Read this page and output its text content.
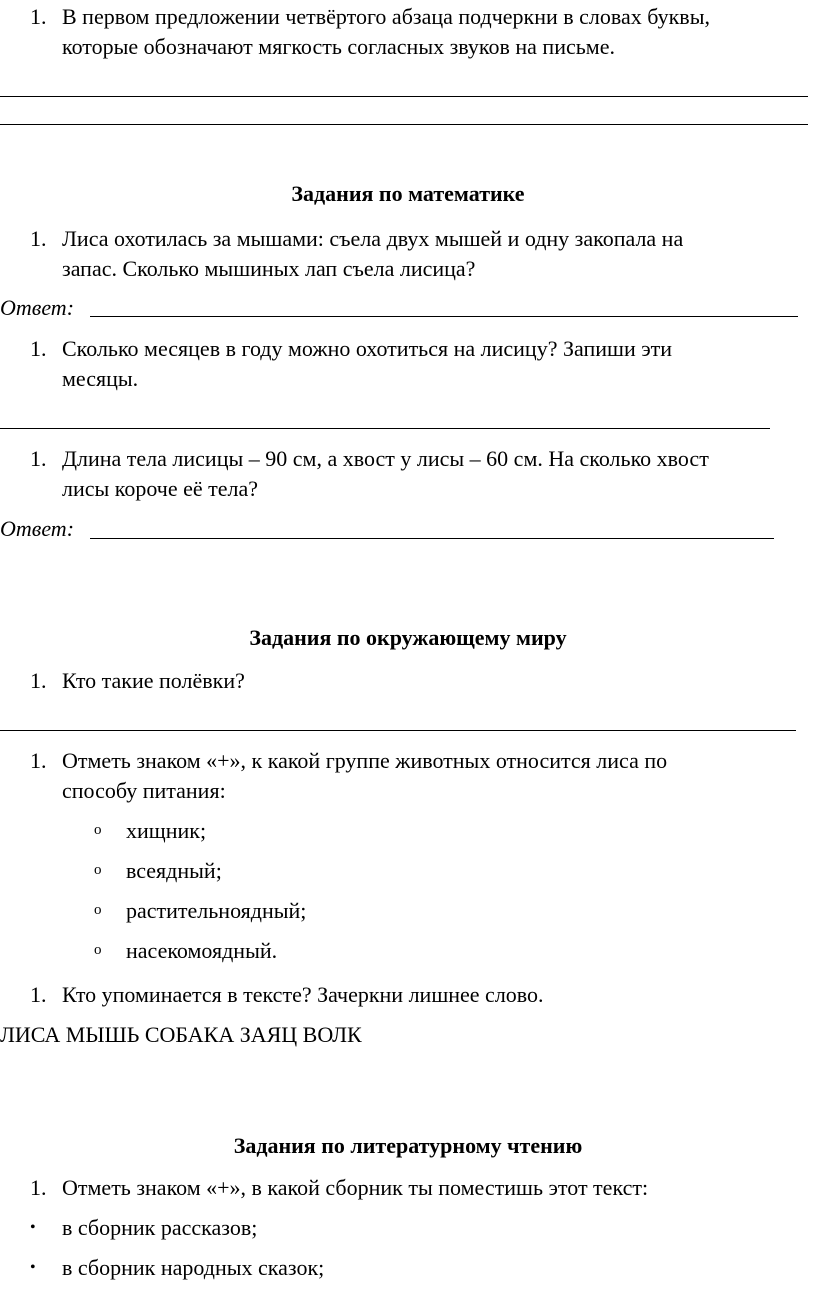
1. В первом предложении четвёртого абзаца подчеркни в словах буквы,
которые обозначают мягкость согласных звуков на письме.
Задания по математике
1. Лиса охотилась за мышами: съела двух мышей и одну закопала на
запас. Сколько мышиных лап съела лисица?
Ответ:
1. Сколько месяцев в году можно охотиться на лисицу? Запиши эти
месяцы.
1. Длина тела лисицы – 90 см, а хвост у лисы – 60 см. На сколько хвост
лисы короче её тела?
Ответ:
Задания по окружающему миру
1. Кто такие полёвки?
1. Отметь знаком «+», к какой группе животных относится лиса по
способу питания:
o хищник;
o всеядный;
o растительноядный;
o насекомоядный.
1. Кто упоминается в тексте? Зачеркни лишнее слово.
ЛИСА МЫШЬ СОБАКА ЗАЯЦ ВОЛК
Задания по литературному чтению
1. Отметь знаком «+», в какой сборник ты поместишь этот текст:
• в сборник рассказов;
• в сборник народных сказок;
